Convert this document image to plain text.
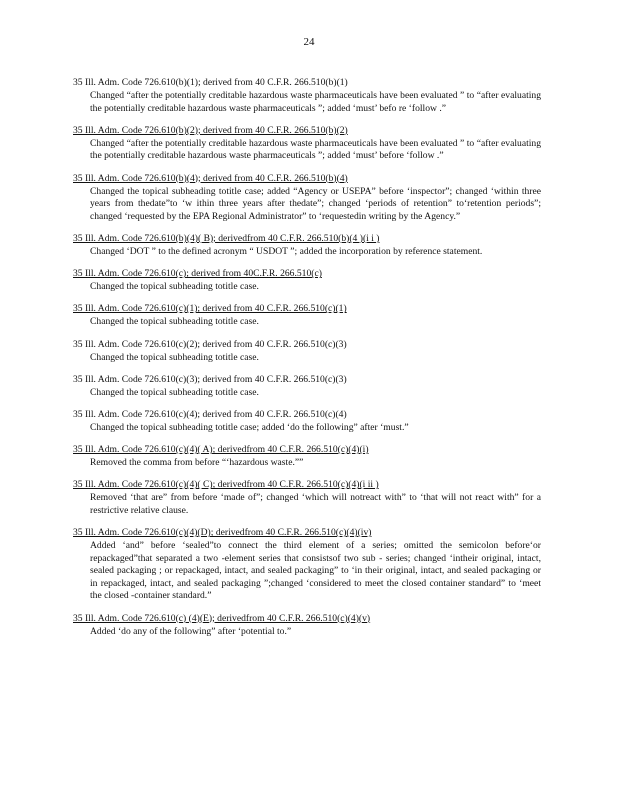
24
35 Ill. Adm. Code 726.610(b)(1); derived from 40 C.F.R. 266.510(b)(1)
Changed “after the potentially creditable hazardous waste pharmaceuticals have been evaluated ” to “after evaluating the potentially creditable hazardous waste pharmaceuticals ”; added ‘must’ befo re ‘follow .”
35 Ill. Adm. Code 726.610(b)(2); derived from 40 C.F.R. 266.510(b)(2)
Changed “after the potentially creditable hazardous waste pharmaceuticals have been evaluated ” to “after evaluating the potentially creditable hazardous waste pharmaceuticals ”; added ‘must’ before ‘follow .”
35 Ill. Adm. Code 726.610(b)(4); derived from 40 C.F.R. 266.510(b)(4)
Changed the topical subheading totitle case; added “Agency or USEPA” before ‘inspector”; changed ‘within three years from thedate”to ‘w ithin three years after thedate”; changed ‘periods of retention” to‘retention periods”; changed ‘requested by the EPA Regional Administrator” to ‘requestedin writing by the Agency.”
35 Ill. Adm. Code 726.610(b)(4)( B); derivedfrom 40 C.F.R. 266.510(b)(4 )(i i )
Changed ‘DOT ” to the defined acronym “ USDOT ”; added the incorporation by reference statement.
35 Ill. Adm. Code 726.610(c); derived from 40C.F.R. 266.510(c)
Changed the topical subheading totitle case.
35 Ill. Adm. Code 726.610(c)(1); derived from 40 C.F.R. 266.510(c)(1)
Changed the topical subheading totitle case.
35 Ill. Adm. Code 726.610(c)(2); derived from 40 C.F.R. 266.510(c)(3)
Changed the topical subheading totitle case.
35 Ill. Adm. Code 726.610(c)(3); derived from 40 C.F.R. 266.510(c)(3)
Changed the topical subheading totitle case.
35 Ill. Adm. Code 726.610(c)(4); derived from 40 C.F.R. 266.510(c)(4)
Changed the topical subheading totitle case; added ‘do the following” after ‘must.”
35 Ill. Adm. Code 726.610(c)(4)( A); derivedfrom 40 C.F.R. 266.510(c)(4)(i)
Removed the comma from before “‘hazardous waste.””
35 Ill. Adm. Code 726.610(c)(4)( C); derivedfrom 40 C.F.R. 266.510(c)(4)(i ii )
Removed ‘that are” from before ‘made of”; changed ‘which will notreact with” to ‘that will not react with” for a restrictive relative clause.
35 Ill. Adm. Code 726.610(c)(4)(D); derivedfrom 40 C.F.R. 266.510(c)(4)(iv)
Added ‘and” before ‘sealed”to connect the third element of a series; omitted the semicolon before‘or repackaged”that separated a two -element series that consistsof two sub - series; changed ‘intheir original, intact, sealed packaging ; or repackaged, intact, and sealed packaging” to ‘in their original, intact, and sealed packaging or in repackaged, intact, and sealed packaging ”;changed ‘considered to meet the closed container standard” to ‘meet the closed -container standard.”
35 Ill. Adm. Code 726.610(c) (4)(E); derivedfrom 40 C.F.R. 266.510(c)(4)(v)
Added ‘do any of the following” after ‘potential to.”
